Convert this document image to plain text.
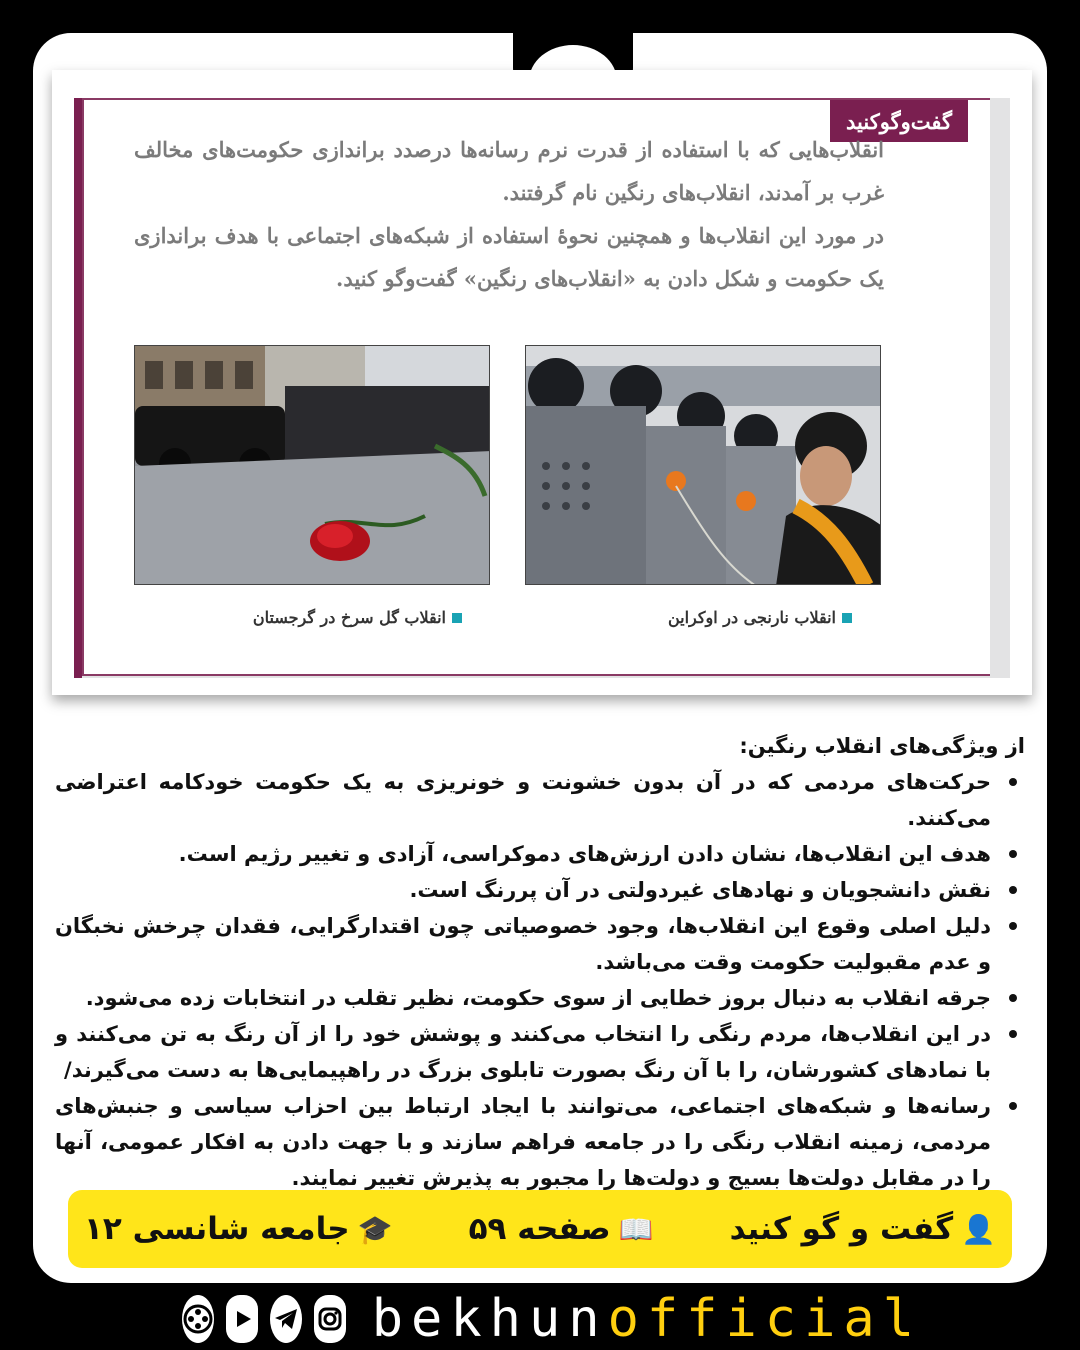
گفت‌وگوکنید

انقلاب‌هایی که با استفاده از قدرت نرم رسانه‌ها درصدد براندازی حکومت‌های مخالف غرب بر آمدند، انقلاب‌های رنگین نام گرفتند.

در مورد این انقلاب‌ها و همچنین نحوهٔ استفاده از شبکه‌های اجتماعی با هدف براندازی یک حکومت و شکل دادن به «انقلاب‌های رنگین» گفت‌وگو کنید.

انقلاب گل سرخ در گرجستان	انقلاب نارنجی در اوکراین
از ویژگی‌های انقلاب رنگین:
حرکت‌های مردمی که در آن بدون خشونت و خونریزی به یک حکومت خودکامه اعتراضی می‌کنند.
هدف این انقلاب‌ها، نشان دادن ارزش‌های دموکراسی، آزادی و تغییر رژیم است.
نقش دانشجویان و نهادهای غیردولتی در آن پررنگ است.
دلیل اصلی وقوع این انقلاب‌ها، وجود خصوصیاتی چون اقتدارگرایی، فقدان چرخش نخبگان و عدم مقبولیت حکومت وقت می‌باشد.
جرقه انقلاب به دنبال بروز خطایی از سوی حکومت، نظیر تقلب در انتخابات زده می‌شود.
در این انقلاب‌ها، مردم رنگی را انتخاب می‌کنند و پوشش خود را از آن رنگ به تن می‌کنند و با نمادهای کشورشان، را با آن رنگ بصورت تابلوی بزرگ در راهپیمایی‌ها به دست می‌گیرند/
رسانه‌ها و شبکه‌های اجتماعی، می‌توانند با ایجاد ارتباط بین احزاب سیاسی و جنبش‌های مردمی، زمینه انقلاب رنگی را در جامعه فراهم سازند و با جهت دادن به افکار عمومی، آنها را در مقابل دولت‌ها بسیج و دولت‌ها را مجبور به پذیرش تغییر نمایند.
👤
گفت و گو کنید
📖
صفحه ۵۹
🎓
جامعه شانسی ۱۲
bekhunofficial
